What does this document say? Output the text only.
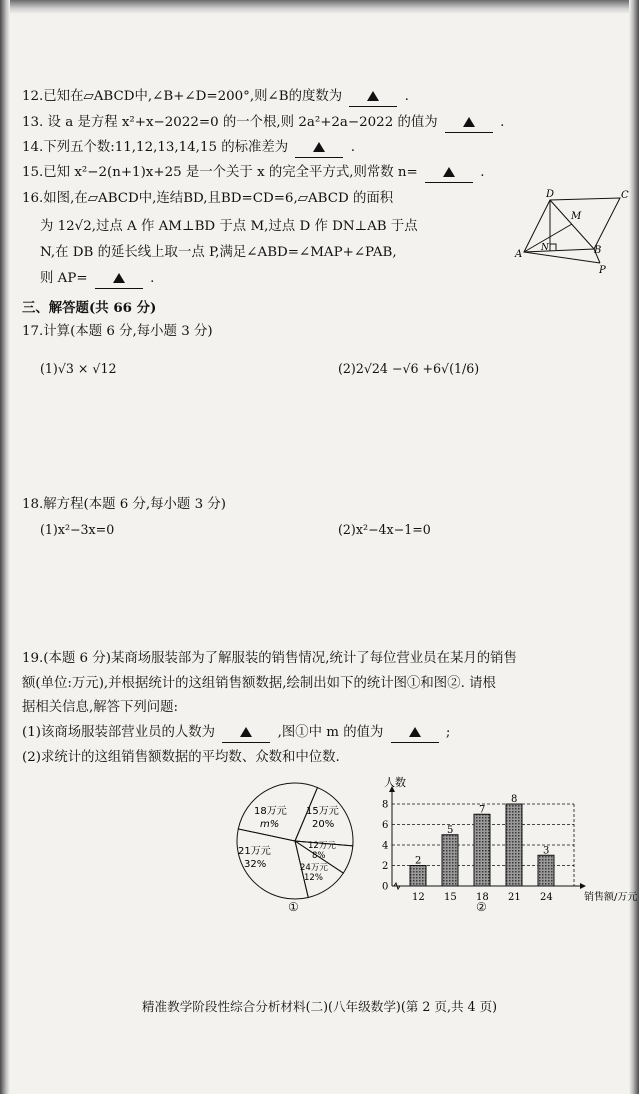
12.已知在▱ABCD中,∠B+∠D=200°,则∠B的度数为	.
13. 设 a 是方程 x²+x−2022=0 的一个根,则 2a²+2a−2022 的值为	.
14.下列五个数:11,12,13,14,15 的标准差为	.
15.已知 x²−2(n+1)x+25 是一个关于 x 的完全平方式,则常数 n=	.
16.如图,在▱ABCD中,连结BD,且BD=CD=6,▱ABCD 的面积
为 12√2,过点 A 作 AM⊥BD 于点 M,过点 D 作 DN⊥AB 于点
N,在 DB 的延长线上取一点 P,满足∠ABD=∠MAP+∠PAB,
则 AP=	.
D	C
M
N	B
A
P
三、解答题(共 66 分)
17.计算(本题 6 分,每小题 3 分)
(1)√3 × √12	(2)2√24 −√6 +6√(1/6)
18.解方程(本题 6 分,每小题 3 分)
(1)x²−3x=0	(2)x²−4x−1=0
19.(本题 6 分)某商场服装部为了解服装的销售情况,统计了每位营业员在某月的销售
额(单位:万元),并根据统计的这组销售额数据,绘制出如下的统计图①和图②. 请根
据相关信息,解答下列问题:
(1)该商场服装部营业员的人数为	,图①中 m 的值为	;
(2)求统计的这组销售额数据的平均数、众数和中位数.
18万元
m%
15万元
20%
12万元
8%
24万元
12%
21万元
32%
①
0
2
4
6
8
2
12
5
15
7
18
8
21
3
24
人数
销售额/万元
②
精准教学阶段性综合分析材料(二)(八年级数学)(第 2 页,共 4 页)
